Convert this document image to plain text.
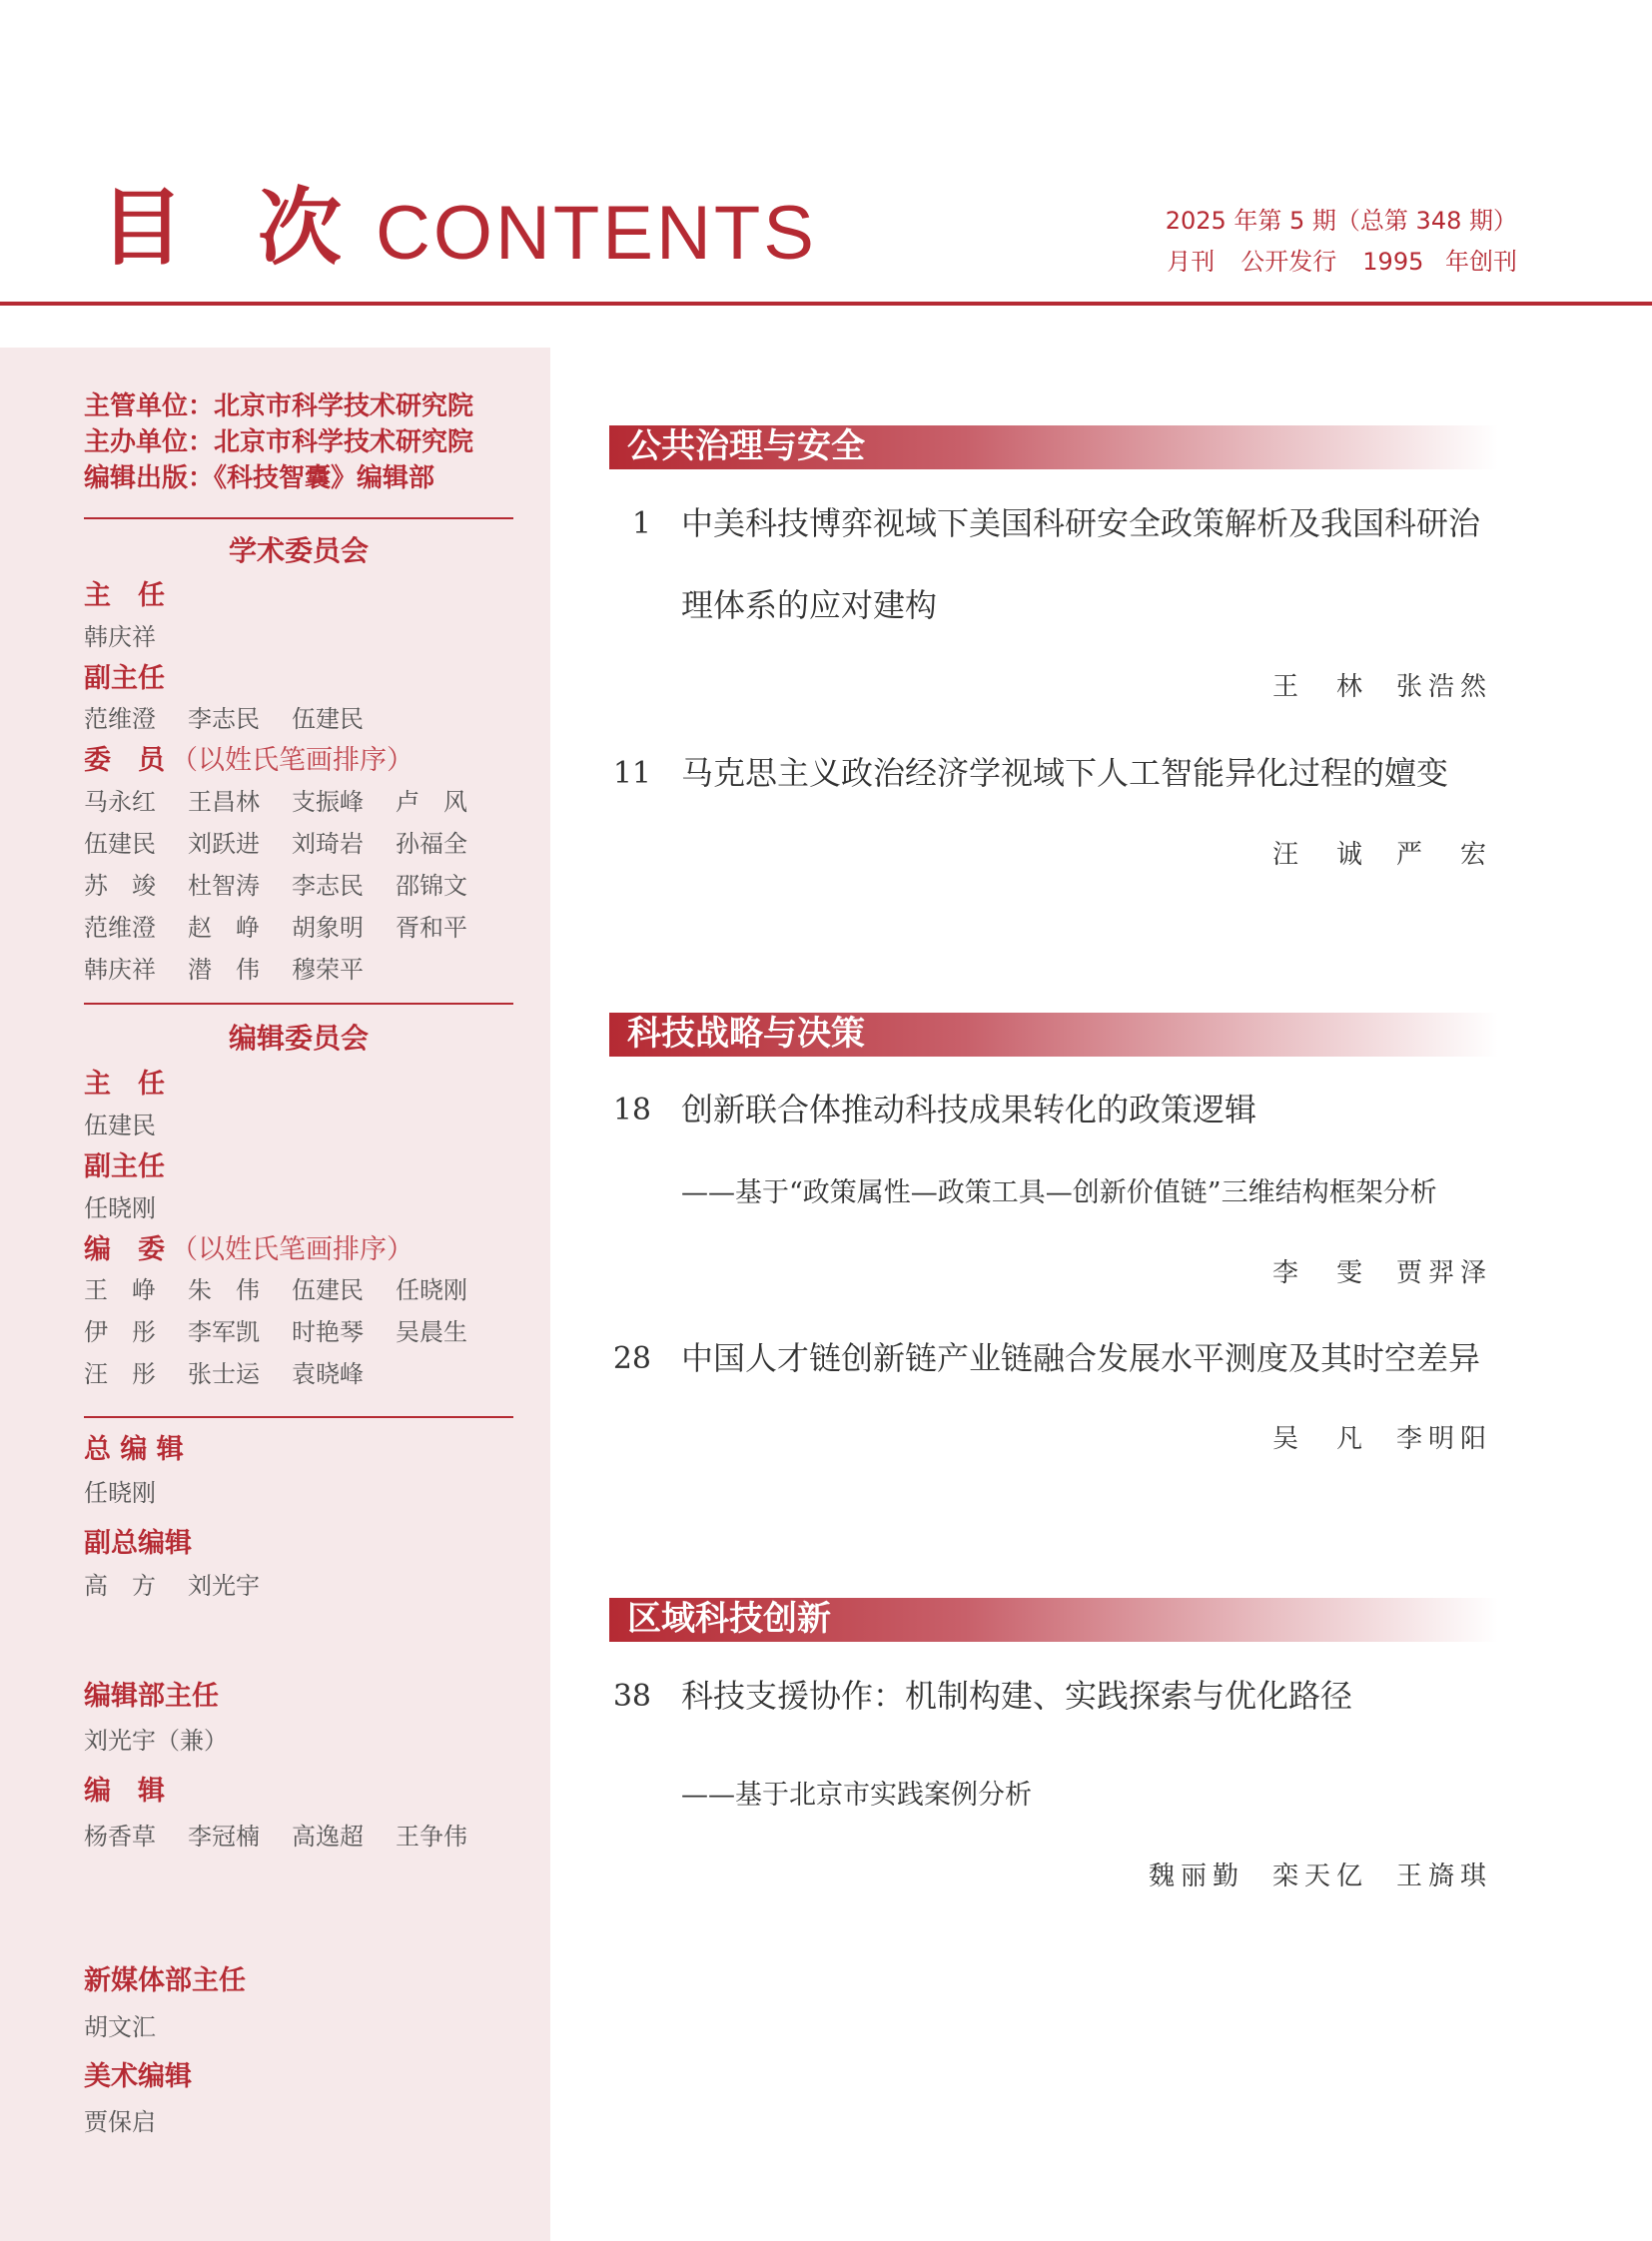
目 次 CONTENTS	2025 年第 5 期（总第 348 期）
月刊 公开发行 1995 年创刊
主管单位：北京市科学技术研究院
主办单位：北京市科学技术研究院
编辑出版：《科技智囊》编辑部
学术委员会
主　任
韩庆祥
副主任
范维澄 李志民 伍建民
委　员 （以姓氏笔画排序）
马永红 王昌林 支振峰 卢　风
伍建民 刘跃进 刘琦岩 孙福全
苏　竣 杜智涛 李志民 邵锦文
范维澄 赵　峥 胡象明 胥和平
韩庆祥 潜　伟 穆荣平
编辑委员会
主　任
伍建民
副主任
任晓刚
编　委 （以姓氏笔画排序）
王　峥 朱　伟 伍建民 任晓刚
伊　彤 李军凯 时艳琴 吴晨生
汪　彤 张士运 袁晓峰
总 编 辑
任晓刚
副总编辑
高　方 刘光宇
编辑部主任
刘光宇（兼）
编　辑
杨香草 李冠楠 高逸超 王争伟
新媒体部主任
胡文汇
美术编辑
贾保启
公共治理与安全
1 中美科技博弈视域下美国科研安全政策解析及我国科研治
理体系的应对建构
王　林 张浩然
11 马克思主义政治经济学视域下人工智能异化过程的嬗变
汪　诚 严　宏
科技战略与决策
18 创新联合体推动科技成果转化的政策逻辑
——基于“政策属性—政策工具—创新价值链”三维结构框架分析
李　雯 贾羿泽
28 中国人才链创新链产业链融合发展水平测度及其时空差异
吴　凡 李明阳
区域科技创新
38 科技支援协作：机制构建、实践探索与优化路径
——基于北京市实践案例分析
魏丽勤 栾天亿 王旖琪
